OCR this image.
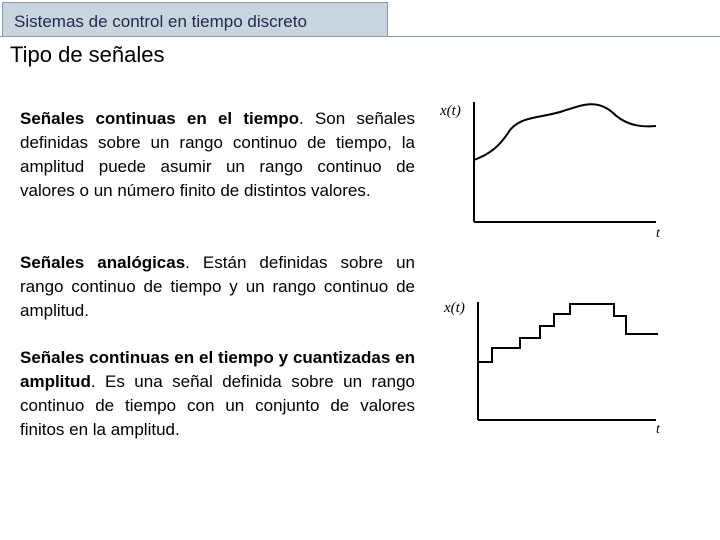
Sistemas de control en tiempo discreto
Tipo de señales

Señales continuas en el tiempo. Son señales definidas sobre un rango continuo de tiempo, la amplitud puede asumir un rango continuo de valores o un número finito de distintos valores.

Señales analógicas. Están definidas sobre un rango continuo de tiempo y un rango continuo de amplitud.

Señales continuas en el tiempo y cuantizadas en amplitud. Es una señal definida sobre un rango continuo de tiempo con un conjunto de valores finitos en la amplitud.

x(t)
t
x(t)
t
